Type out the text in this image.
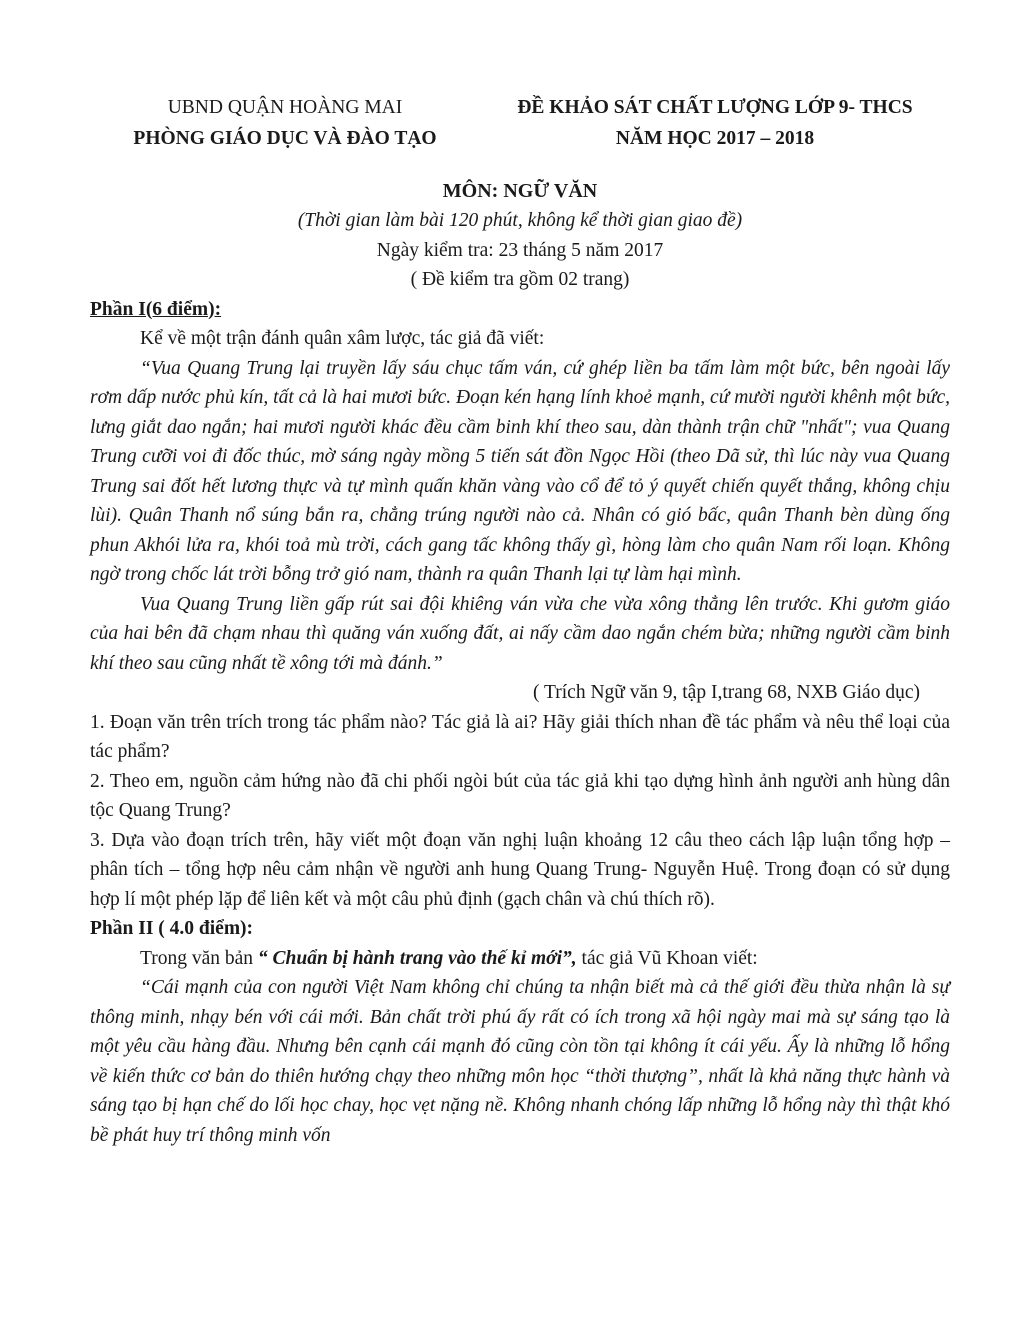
UBND QUẬN HOÀNG MAI
PHÒNG GIÁO DỤC VÀ ĐÀO TẠO
ĐỀ KHẢO SÁT CHẤT LƯỢNG LỚP 9- THCS
NĂM HỌC 2017 – 2018
MÔN: NGỮ VĂN
(Thời gian làm bài 120 phút, không kể thời gian giao đề)
Ngày kiểm tra: 23 tháng 5 năm 2017
( Đề kiểm tra gồm 02 trang)
Phần I(6 điểm):

Kể về một trận đánh quân xâm lược, tác giả đã viết:

“Vua Quang Trung lại truyền lấy sáu chục tấm ván, cứ ghép liền ba tấm làm một bức, bên ngoài lấy rơm dấp nước phủ kín, tất cả là hai mươi bức. Đoạn kén hạng lính khoẻ mạnh, cứ mười người khênh một bức, lưng giắt dao ngắn; hai mươi người khác đều cầm binh khí theo sau, dàn thành trận chữ "nhất"; vua Quang Trung cưỡi voi đi đốc thúc, mờ sáng ngày mồng 5 tiến sát đồn Ngọc Hồi (theo Dã sử, thì lúc này vua Quang Trung sai đốt hết lương thực và tự mình quấn khăn vàng vào cổ để tỏ ý quyết chiến quyết thắng, không chịu lùi). Quân Thanh nổ súng bắn ra, chẳng trúng người nào cả. Nhân có gió bấc, quân Thanh bèn dùng ống phun Akhói lửa ra, khói toả mù trời, cách gang tấc không thấy gì, hòng làm cho quân Nam rối loạn. Không ngờ trong chốc lát trời bỗng trở gió nam, thành ra quân Thanh lại tự làm hại mình.

Vua Quang Trung liền gấp rút sai đội khiêng ván vừa che vừa xông thẳng lên trước. Khi gươm giáo của hai bên đã chạm nhau thì quăng ván xuống đất, ai nấy cầm dao ngắn chém bừa; những người cầm binh khí theo sau cũng nhất tề xông tới mà đánh.”

( Trích Ngữ văn 9, tập I,trang 68, NXB Giáo dục)

1. Đoạn văn trên trích trong tác phẩm nào? Tác giả là ai? Hãy giải thích nhan đề tác phẩm và nêu thể loại của tác phẩm?

2. Theo em, nguồn cảm hứng nào đã chi phối ngòi bút của tác giả khi tạo dựng hình ảnh người anh hùng dân tộc Quang Trung?

3. Dựa vào đoạn trích trên, hãy viết một đoạn văn nghị luận khoảng 12 câu theo cách lập luận tổng hợp – phân tích – tổng hợp nêu cảm nhận về người anh hung Quang Trung- Nguyễn Huệ. Trong đoạn có sử dụng hợp lí một phép lặp để liên kết và một câu phủ định (gạch chân và chú thích rõ).

Phần II ( 4.0 điểm):

Trong văn bản “ Chuẩn bị hành trang vào thế kỉ mới”, tác giả Vũ Khoan viết:

“Cái mạnh của con người Việt Nam không chỉ chúng ta nhận biết mà cả thế giới đều thừa nhận là sự thông minh, nhạy bén với cái mới. Bản chất trời phú ấy rất có ích trong xã hội ngày mai mà sự sáng tạo là một yêu cầu hàng đầu. Nhưng bên cạnh cái mạnh đó cũng còn tồn tại không ít cái yếu. Ấy là những lỗ hổng về kiến thức cơ bản do thiên hướng chạy theo những môn học “thời thượng”, nhất là khả năng thực hành và sáng tạo bị hạn chế do lối học chay, học vẹt nặng nề. Không nhanh chóng lấp những lỗ hổng này thì thật khó bề phát huy trí thông minh vốn
